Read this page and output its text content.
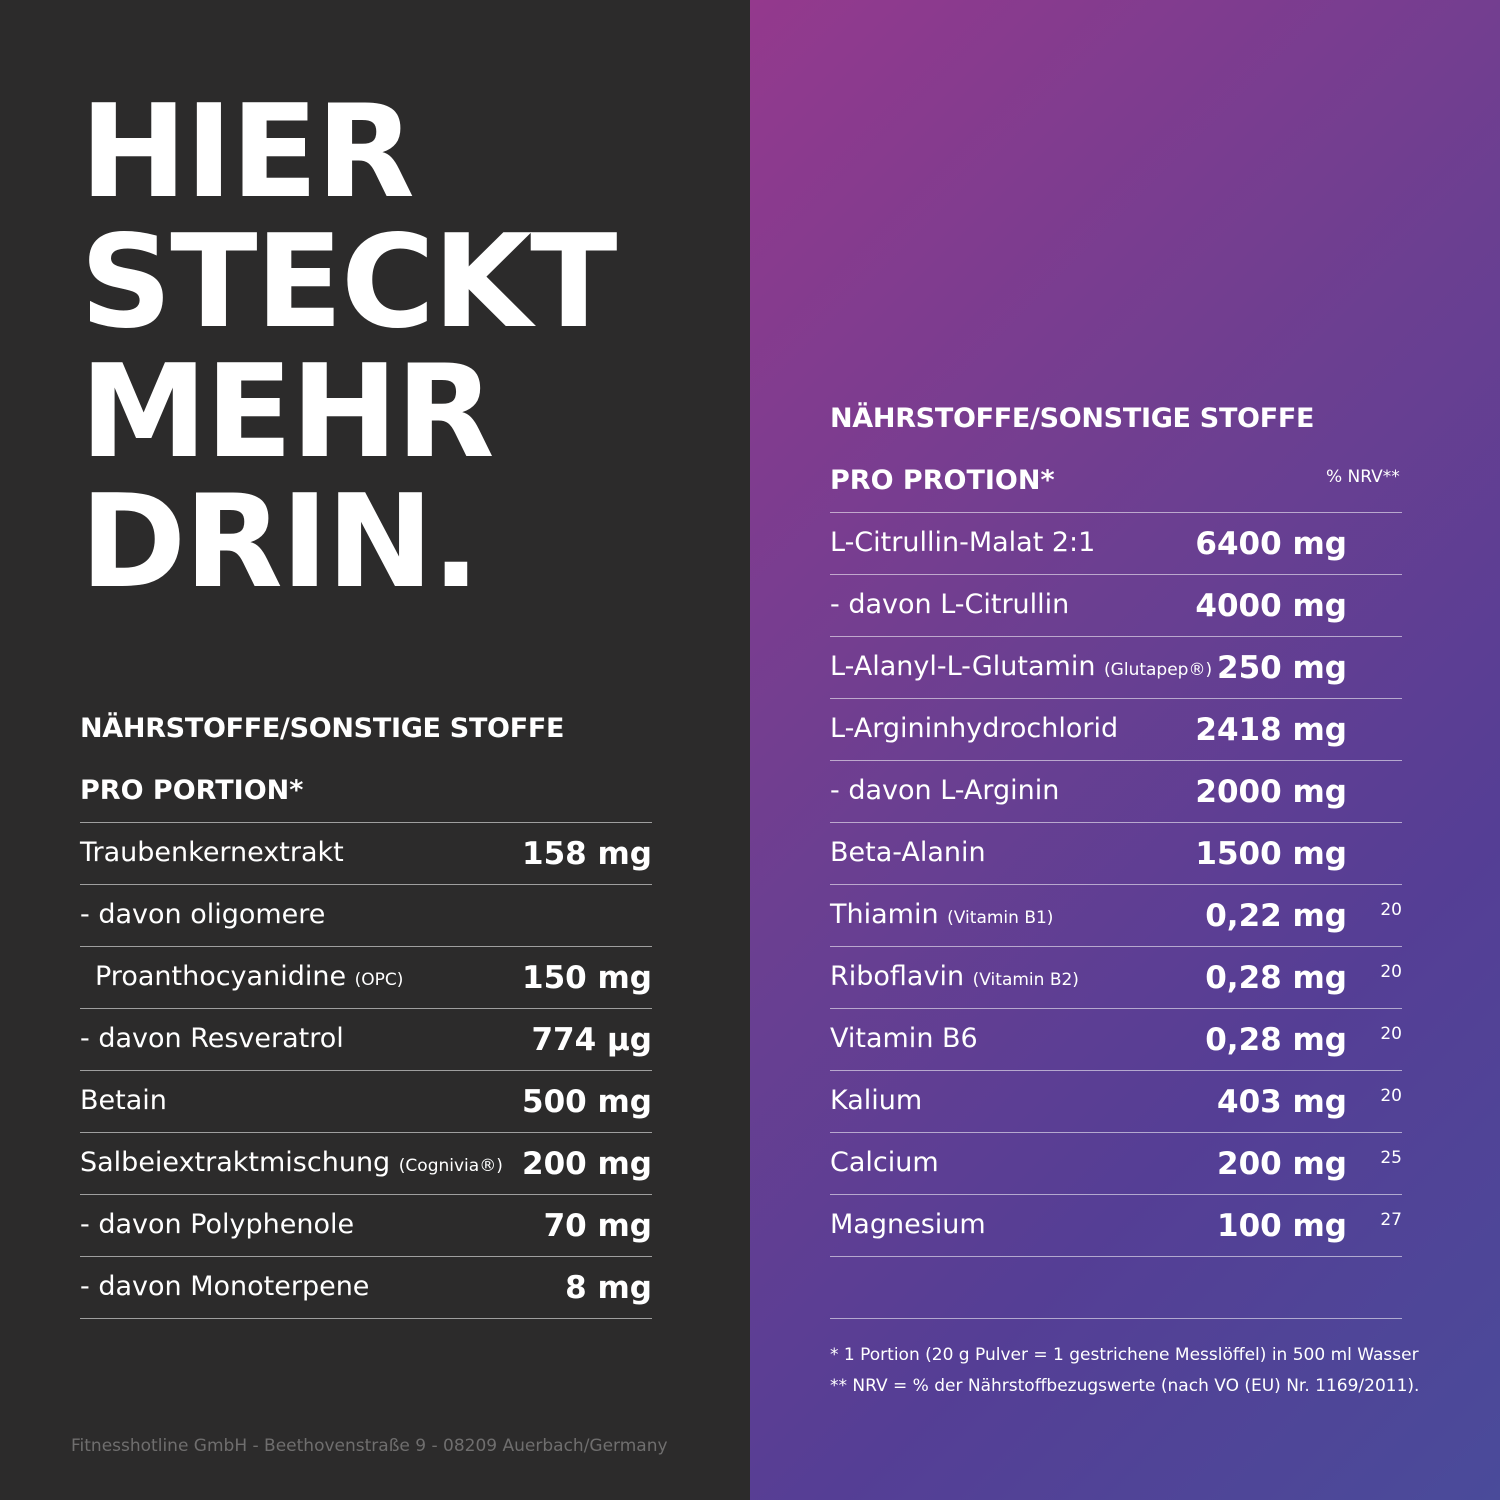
HIER
STECKT
MEHR
DRIN.
NÄHRSTOFFE/SONSTIGE STOFFE
PRO PORTION*
Traubenkernextrakt	158 mg
- davon oligomere
Proanthocyanidine (OPC)	150 mg
- davon Resveratrol	774 µg
Betain	500 mg
Salbeiextraktmischung (Cognivia®) 200 mg
- davon Polyphenole	70 mg
- davon Monoterpene	8 mg
Fitnesshotline GmbH - Beethovenstraße 9 - 08209 Auerbach/Germany
NÄHRSTOFFE/SONSTIGE STOFFE
PRO PROTION*	% NRV**
L-Citrullin-Malat 2:1	6400 mg
- davon L-Citrullin	4000 mg
L-Alanyl-L-Glutamin (Glutapep®) 250 mg
L-Argininhydrochlorid 2418 mg
- davon L-Arginin	2000 mg
Beta-Alanin	1500 mg
Thiamin (Vitamin B1)	0,22 mg 20
Riboflavin (Vitamin B2)	0,28 mg 20
Vitamin B6	0,28 mg 20
Kalium	403 mg 20
Calcium	200 mg 25
Magnesium	100 mg 27
* 1 Portion (20 g Pulver = 1 gestrichene Messlöffel) in 500 ml Wasser
** NRV = % der Nährstoffbezugswerte (nach VO (EU) Nr. 1169/2011).
